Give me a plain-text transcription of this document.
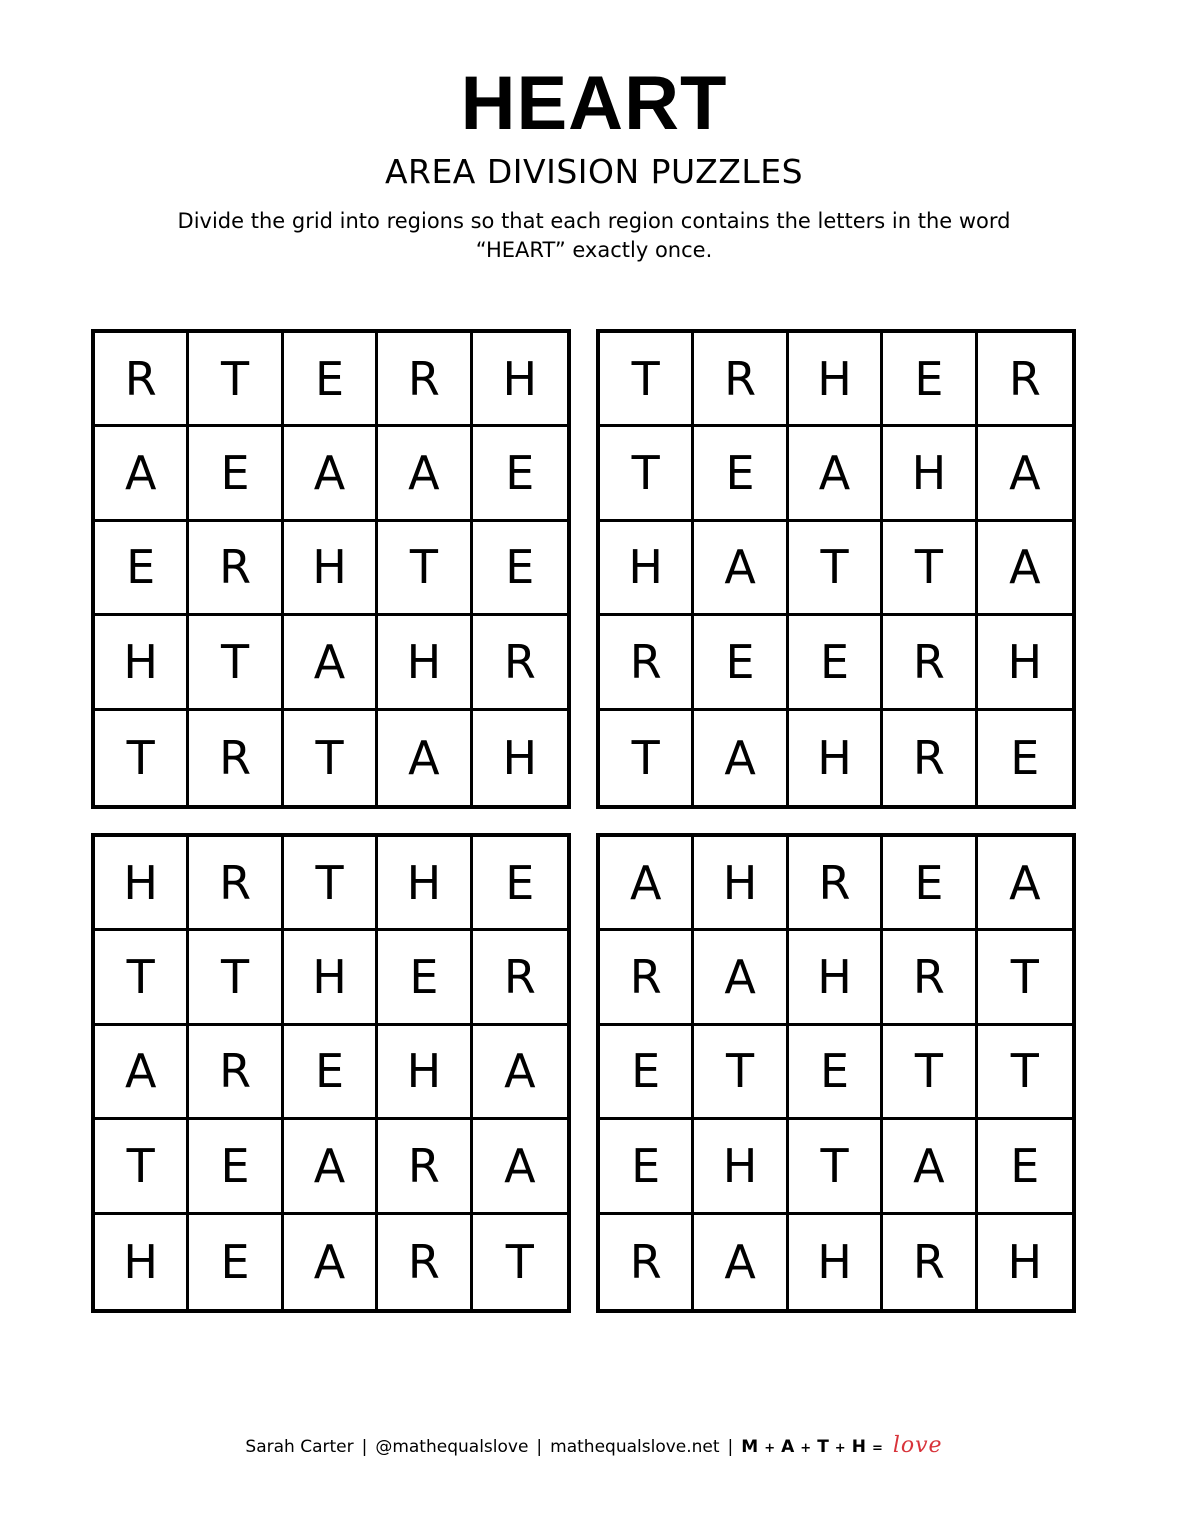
HEART
AREA DIVISION PUZZLES
Divide the grid into regions so that each region contains the letters in the word “HEART” exactly once.
R	T	E	R	H
A	E	A	A	E
E	R	H	T	E
H	T	A	H	R
T	R	T	A	H
T	R	H	E	R
T	E	A	H	A
H	A	T	T	A
R	E	E	R	H
T	A	H	R	E
H	R	T	H	E
T	T	H	E	R
A	R	E	H	A
T	E	A	R	A
H	E	A	R	T
A	H	R	E	A
R	A	H	R	T
E	T	E	T	T
E	H	T	A	E
R	A	H	R	H
Sarah Carter | @mathequalslove | mathequalslove.net | M + A + T + H = love
